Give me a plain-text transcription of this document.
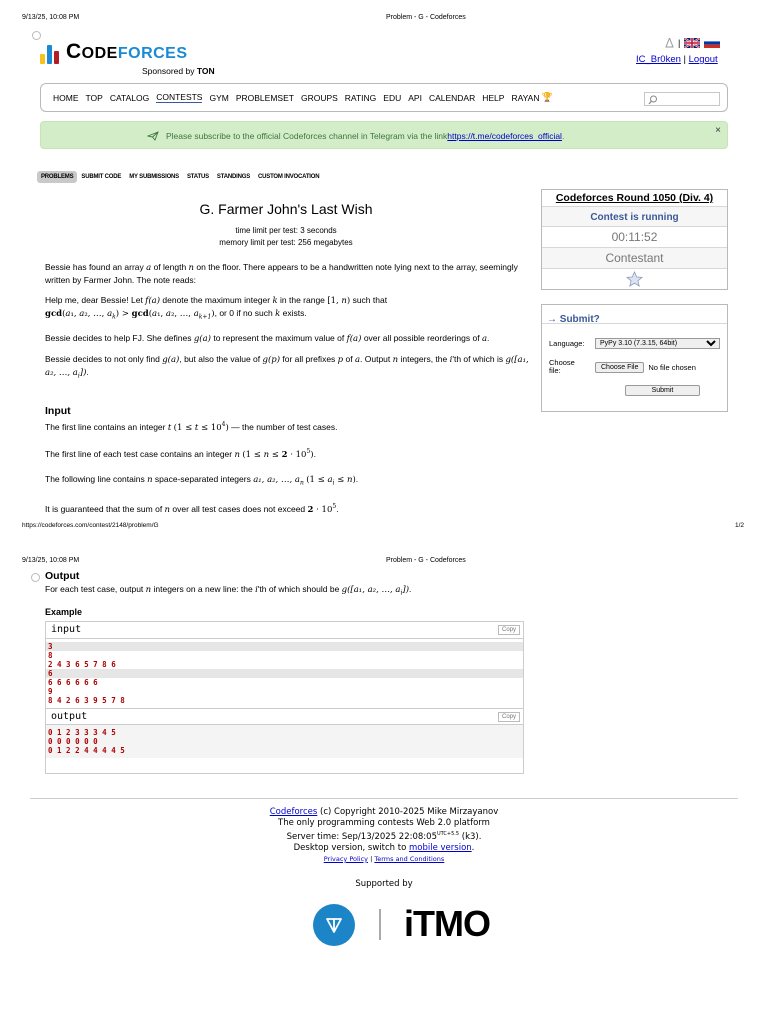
9/13/25, 10:08 PM	Problem - G - Codeforces
CODEFORCES
Sponsored by TON
|
IC_Br0ken | Logout
HOME TOP CATALOG CONTESTS GYM PROBLEMSET GROUPS RATING EDU API CALENDAR HELP RAYAN 🏆
Please subscribe to the official Codeforces channel in Telegram via the link https://t.me/codeforces_official .	×
PROBLEMS	SUBMIT CODE	MY SUBMISSIONS	STATUS	STANDINGS	CUSTOM INVOCATION
Codeforces Round 1050 (Div. 4)
Contest is running
00:11:52
Contestant
→ Submit?
Language:
PyPy 3.10 (7.3.15, 64bit)
Choose
file:	Choose File	No file chosen
Submit
G. Farmer John's Last Wish
time limit per test: 3 seconds
memory limit per test: 256 megabytes

Bessie has found an array a of length n on the floor. There appears to be a handwritten note lying next to the array, seemingly written by Farmer John. The note reads:

Help me, dear Bessie! Let f(a) denote the maximum integer k in the range [1, n) such that
gcd(a₁, a₂, …, $a_k) > \gcd(a_1$, a₂, …, $a_{k+1}$), or 0 if no such k exists.

Bessie decides to help FJ. She defines g(a) to represent the maximum value of f(a) over all possible reorderings of a.

Bessie decides to not only find g(a), but also the value of g(p) for all prefixes p of a. Output n integers, the i'th of which is g([a₁, a₂, …, $a_i$]).

Input

The first line contains an integer t $(1 \le t \le 10^4)$ — the number of test cases.

The first line of each test case contains an integer n $(1 \le n \le 2 \cdot 10^5)$.

The following line contains n space-separated integers a₁, a₂, …, $a_n$ $(1 \le a_i \le n)$.

It is guaranteed that the sum of n over all test cases does not exceed $2 \cdot 10^5$.

https://codeforces.com/contest/2148/problem/G	1/2
9/13/25, 10:08 PM	Problem - G - Codeforces
Output
For each test case, output n integers on a new line: the i'th of which should be g([a₁, a₂, …, $a_i$]).
Example
input	Copy
3
8
2 4 3 6 5 7 8 6
6
6 6 6 6 6 6
9
8 4 2 6 3 9 5 7 8
output	Copy
0 1 2 3 3 3 4 5
0 0 0 0 0 0
0 1 2 2 4 4 4 4 5
Codeforces (c) Copyright 2010-2025 Mike Mirzayanov
The only programming contests Web 2.0 platform
Server time: Sep/13/2025 $22:08:05^{UTC+5.5}$ (k3).
Desktop version, switch to mobile version.
Privacy Policy | Terms and Conditions
Supported by
iTMO
